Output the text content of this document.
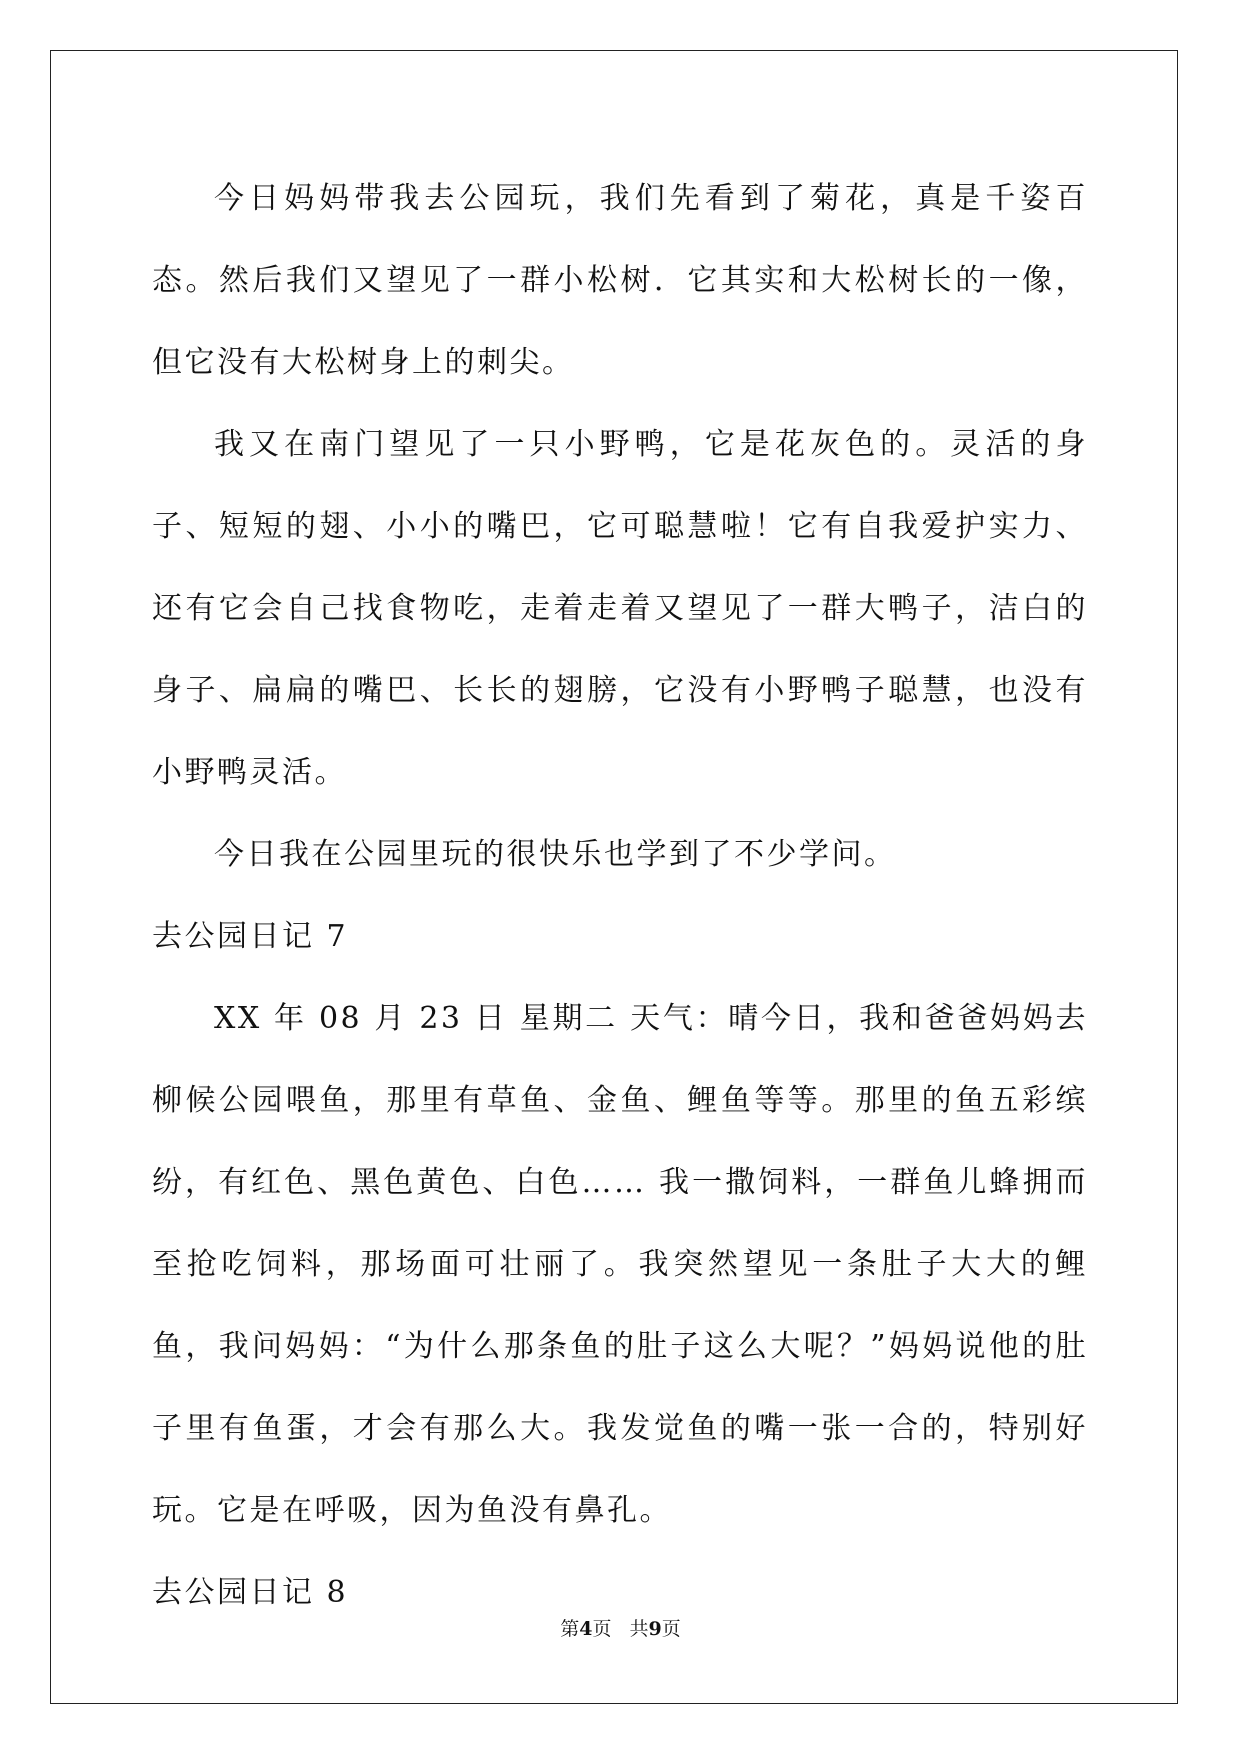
今日妈妈带我去公园玩，我们先看到了菊花，真是千姿百态。然后我们又望见了一群小松树．它其实和大松树长的一像，但它没有大松树身上的刺尖。

我又在南门望见了一只小野鸭，它是花灰色的。灵活的身子、短短的翅、小小的嘴巴，它可聪慧啦！它有自我爱护实力、还有它会自己找食物吃，走着走着又望见了一群大鸭子，洁白的身子、扁扁的嘴巴、长长的翅膀，它没有小野鸭子聪慧，也没有小野鸭灵活。

今日我在公园里玩的很快乐也学到了不少学问。

去公园日记 7

XX 年 08 月 23 日 星期二 天气：晴今日，我和爸爸妈妈去柳候公园喂鱼，那里有草鱼、金鱼、鲤鱼等等。那里的鱼五彩缤纷，有红色、黑色黄色、白色…… 我一撒饲料，一群鱼儿蜂拥而至抢吃饲料，那场面可壮丽了。我突然望见一条肚子大大的鲤鱼，我问妈妈：“为什么那条鱼的肚子这么大呢？”妈妈说他的肚子里有鱼蛋，才会有那么大。我发觉鱼的嘴一张一合的，特别好玩。它是在呼吸，因为鱼没有鼻孔。

去公园日记 8

第4页 共9页
